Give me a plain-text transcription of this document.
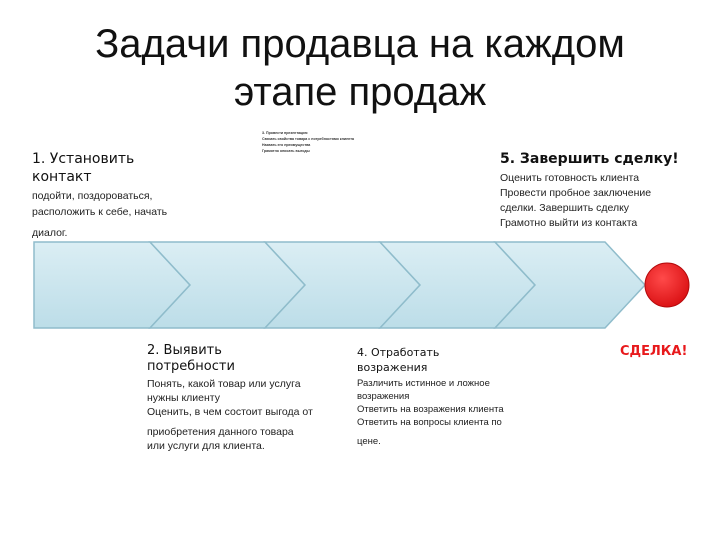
Задачи продавца на каждом
этапе продаж
1. Установить
контакт
подойти, поздороваться,
расположить к себе, начать
диалог.
3. Провести презентацию
Связать свойства товара с потребностями клиента
Назвать его преимущества
Грамотно описать выгоды	5. Завершить сделку!
Оценить готовность клиента
Провести пробное заключение
сделки. Завершить сделку
Грамотно выйти из контакта
2. Выявить
потребности
Понять, какой товар или услуга
нужны клиенту
Оценить, в чем состоит выгода от
приобретения данного товара
или услуги для клиента.
4. Отработать
возражения
Различить истинное и ложное
возражения
Ответить на возражения клиента
Ответить на вопросы клиента по
цене.
СДЕЛКА!
